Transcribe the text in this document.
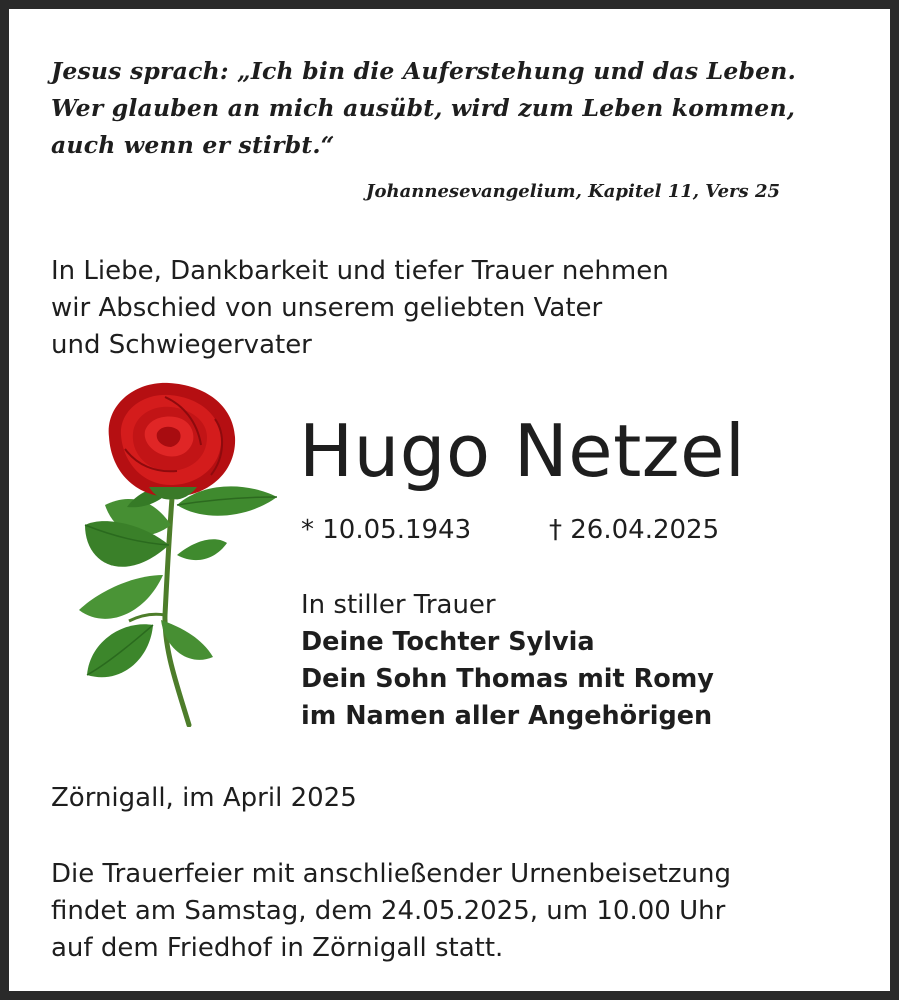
Jesus sprach: „Ich bin die Auferstehung und das Leben.
Wer glauben an mich ausübt, wird zum Leben kommen,
auch wenn er stirbt.“
Johannesevangelium, Kapitel 11, Vers 25
In Liebe, Dankbarkeit und tiefer Trauer nehmen
wir Abschied von unserem geliebten Vater
und Schwiegervater
Hugo Netzel
* 10.05.1943	† 26.04.2025
In stiller Trauer
Deine Tochter Sylvia
Dein Sohn Thomas mit Romy
im Namen aller Angehörigen
Zörnigall, im April 2025
Die Trauerfeier mit anschließender Urnenbeisetzung
findet am Samstag, dem 24.05.2025, um 10.00 Uhr
auf dem Friedhof in Zörnigall statt.
